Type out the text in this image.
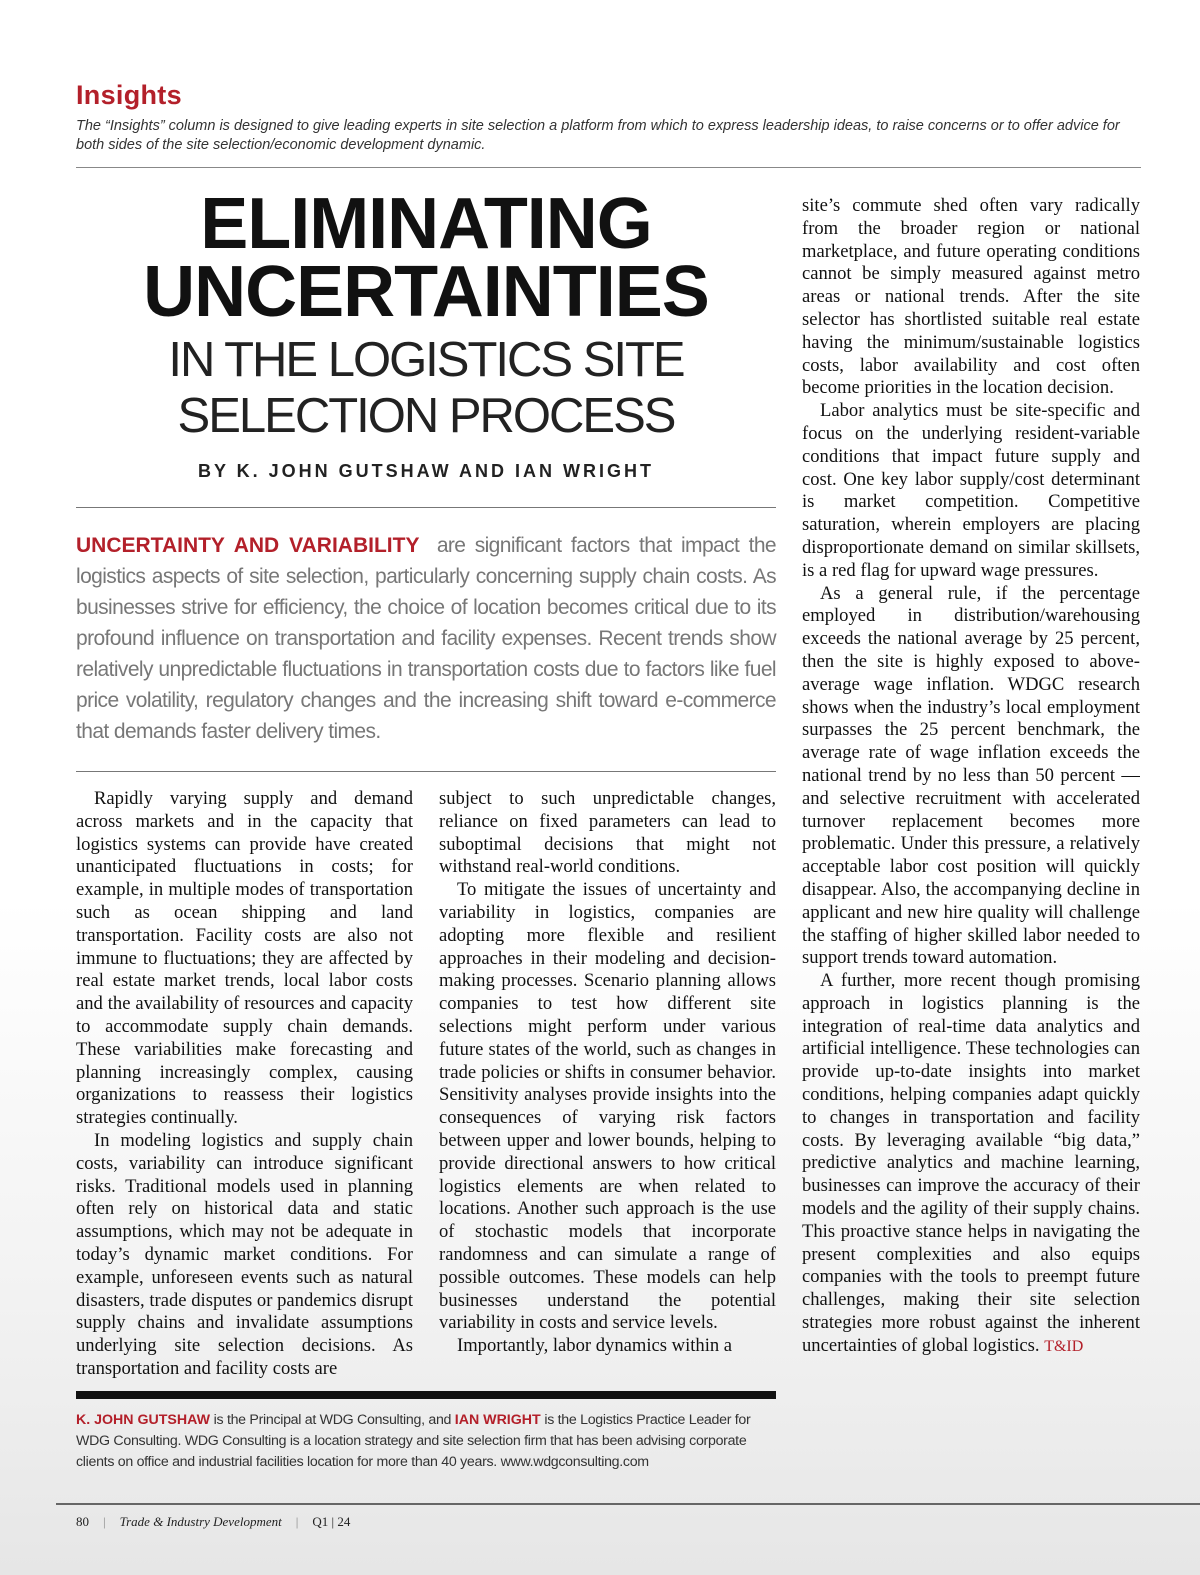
Insights
The “Insights” column is designed to give leading experts in site selection a platform from which to express leadership ideas, to raise concerns or to offer advice for both sides of the site selection/economic development dynamic.
ELIMINATING
UNCERTAINTIES
IN THE LOGISTICS SITE
SELECTION PROCESS
BY K. JOHN GUTSHAW AND IAN WRIGHT
UNCERTAINTY AND VARIABILITY are significant factors that impact the logistics aspects of site selection, particularly concerning supply chain costs. As businesses strive for efficiency, the choice of location becomes critical due to its profound influence on transportation and facility expenses. Recent trends show relatively unpredictable fluctuations in transportation costs due to factors like fuel price volatility, regulatory changes and the increasing shift toward e-commerce that demands faster delivery times.

Rapidly varying supply and demand across markets and in the capacity that logistics systems can provide have created unanticipated fluctuations in costs; for example, in multiple modes of transportation such as ocean shipping and land transportation. Facility costs are also not immune to fluctuations; they are affected by real estate market trends, local labor costs and the availability of resources and capacity to accommodate supply chain demands. These variabilities make forecasting and planning increasingly complex, causing organizations to reassess their logistics strategies continually.

In modeling logistics and supply chain costs, variability can introduce significant risks. Traditional models used in planning often rely on historical data and static assumptions, which may not be adequate in today’s dynamic market conditions. For example, unforeseen events such as natural disasters, trade disputes or pandemics disrupt supply chains and invalidate assumptions underlying site selection decisions. As transportation and facility costs are

subject to such unpredictable changes, reliance on fixed parameters can lead to suboptimal decisions that might not withstand real-world conditions.

To mitigate the issues of uncertainty and variability in logistics, companies are adopting more flexible and resilient approaches in their modeling and decision-making processes. Scenario planning allows companies to test how different site selections might perform under various future states of the world, such as changes in trade policies or shifts in consumer behavior. Sensitivity analyses provide insights into the consequences of varying risk factors between upper and lower bounds, helping to provide directional answers to how critical logistics elements are when related to locations. Another such approach is the use of stochastic models that incorporate randomness and can simulate a range of possible outcomes. These models can help businesses understand the potential variability in costs and service levels.

Importantly, labor dynamics within a

site’s commute shed often vary radically from the broader region or national marketplace, and future operating conditions cannot be simply measured against metro areas or national trends. After the site selector has shortlisted suitable real estate having the minimum/sustainable logistics costs, labor availability and cost often become priorities in the location decision.

Labor analytics must be site-specific and focus on the underlying resident-variable conditions that impact future supply and cost. One key labor supply/cost determinant is market competition. Competitive saturation, wherein employers are placing disproportionate demand on similar skillsets, is a red flag for upward wage pressures.

As a general rule, if the percentage employed in distribution/warehousing exceeds the national average by 25 percent, then the site is highly exposed to above-average wage inflation. WDGC research shows when the industry’s local employment surpasses the 25 percent benchmark, the average rate of wage inflation exceeds the national trend by no less than 50 percent — and selective recruitment with accelerated turnover replacement becomes more problematic. Under this pressure, a relatively acceptable labor cost position will quickly disappear. Also, the accompanying decline in applicant and new hire quality will challenge the staffing of higher skilled labor needed to support trends toward automation.

A further, more recent though promising approach in logistics planning is the integration of real-time data analytics and artificial intelligence. These technologies can provide up-to-date insights into market conditions, helping companies adapt quickly to changes in transportation and facility costs. By leveraging available “big data,” predictive analytics and machine learning, businesses can improve the accuracy of their models and the agility of their supply chains. This proactive stance helps in navigating the present complexities and also equips companies with the tools to preempt future challenges, making their site selection strategies more robust against the inherent uncertainties of global logistics. T&ID

K. JOHN GUTSHAW is the Principal at WDG Consulting, and IAN WRIGHT is the Logistics Practice Leader for WDG Consulting. WDG Consulting is a location strategy and site selection firm that has been advising corporate clients on office and industrial facilities location for more than 40 years. www.wdgconsulting.com
80 | Trade & Industry Development | Q1 | 24
